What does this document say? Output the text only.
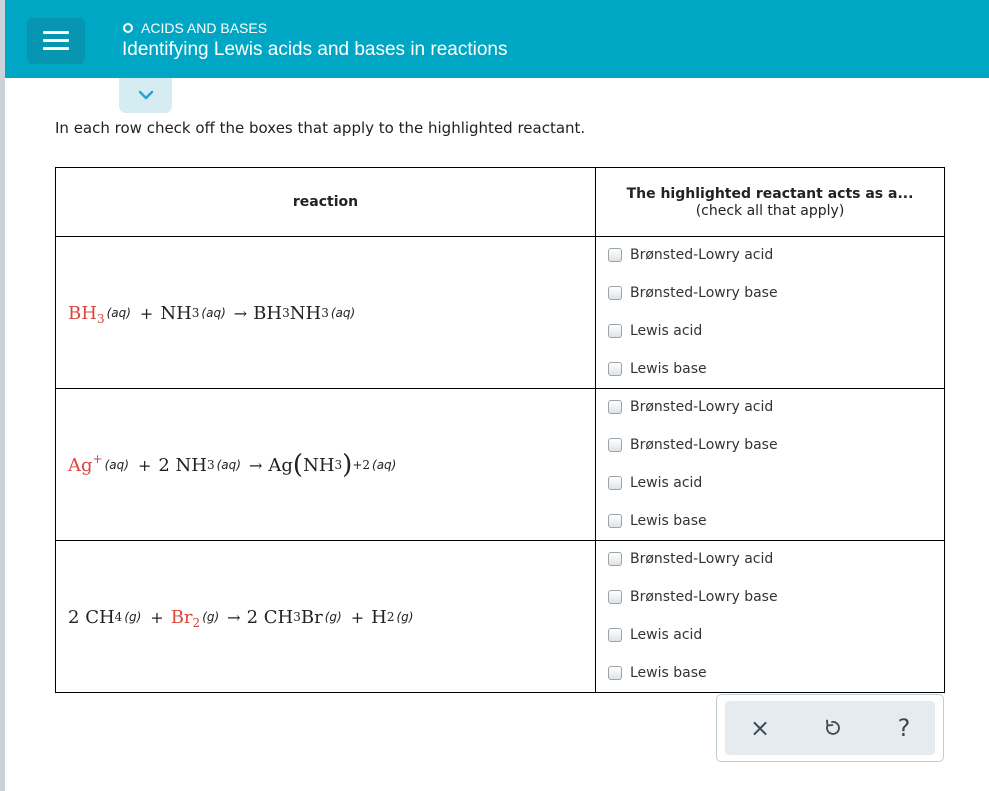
ACIDS AND BASES
Identifying Lewis acids and bases in reactions
In each row check off the boxes that apply to the highlighted reactant.
reaction
The highlighted reactant acts as a...
(check all that apply)
$BH_3$ (aq) + NH 3 (aq) → BH 3 NH 3 (aq)
Brønsted-Lowry acid
Brønsted-Lowry base
Lewis acid
Lewis base
Ag+ (aq) + 2
NH 3 (aq) → Ag ( NH 3 ) + 2 (aq)
Brønsted-Lowry acid
Brønsted-Lowry base
Lewis acid
Lewis base
2
CH 4 $(g) + Br_2$ (g) → 2
CH 3 Br (g) + H 2 (g)
Brønsted-Lowry acid
Brønsted-Lowry base
Lewis acid
Lewis base
×	?
